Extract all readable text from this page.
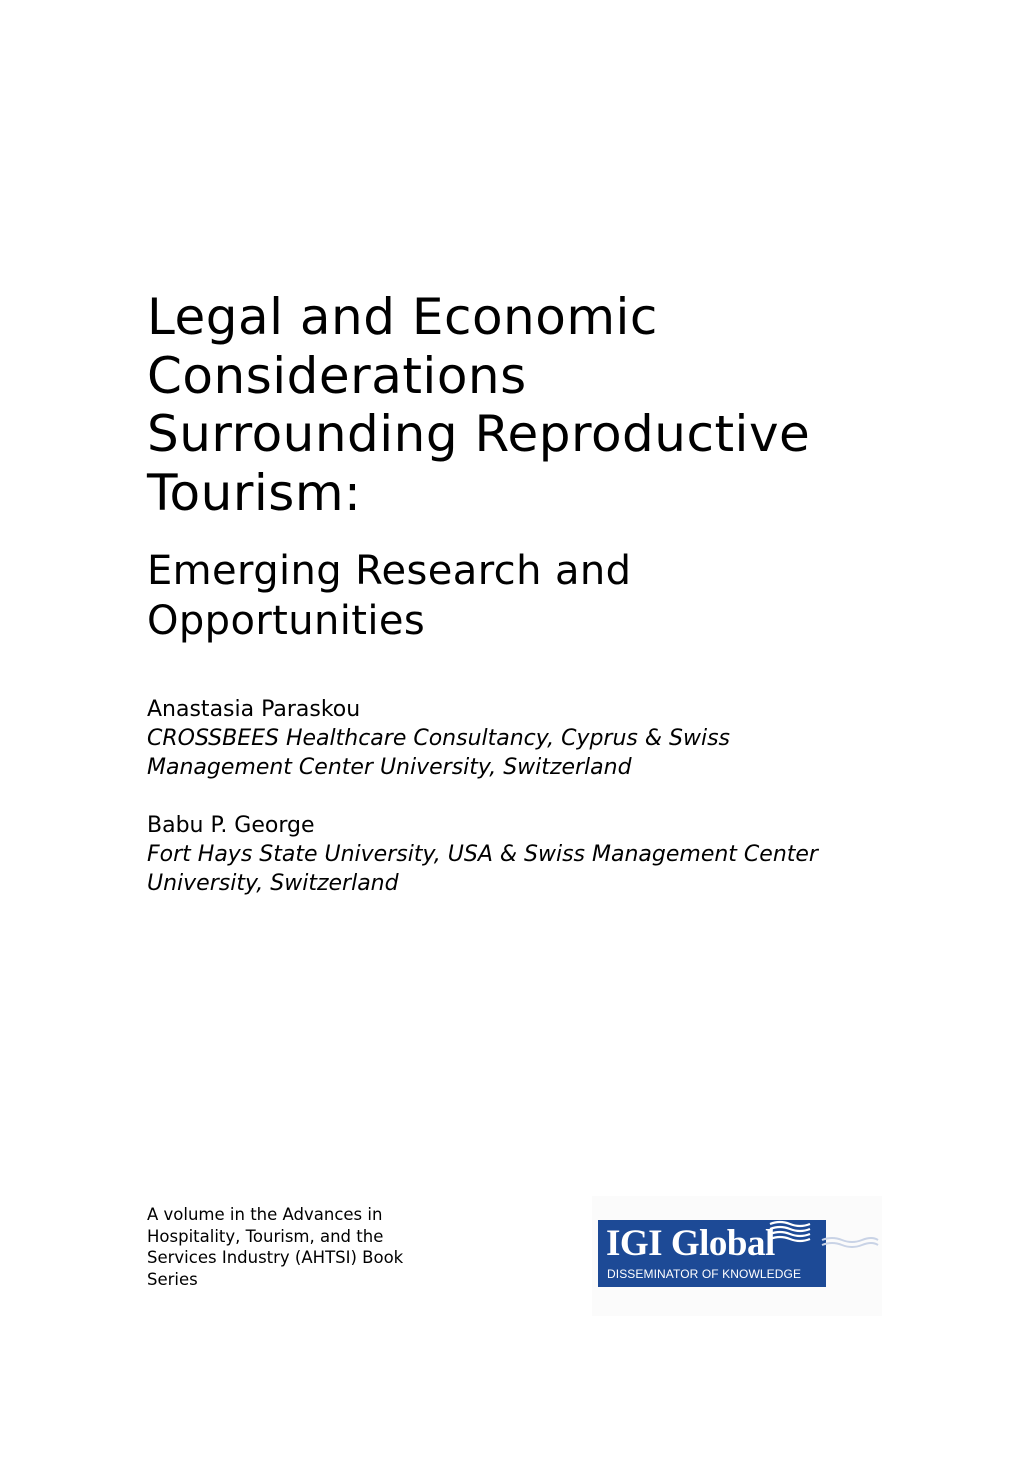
Legal and Economic
Considerations
Surrounding Reproductive
Tourism:
Emerging Research and
Opportunities
Anastasia Paraskou
CROSSBEES Healthcare Consultancy, Cyprus & Swiss
Management Center University, Switzerland
Babu P. George
Fort Hays State University, USA & Swiss Management Center
University, Switzerland
A volume in the Advances in
Hospitality, Tourism, and the
Services Industry (AHTSI) Book
Series
IGI Global
DISSEMINATOR OF KNOWLEDGE
